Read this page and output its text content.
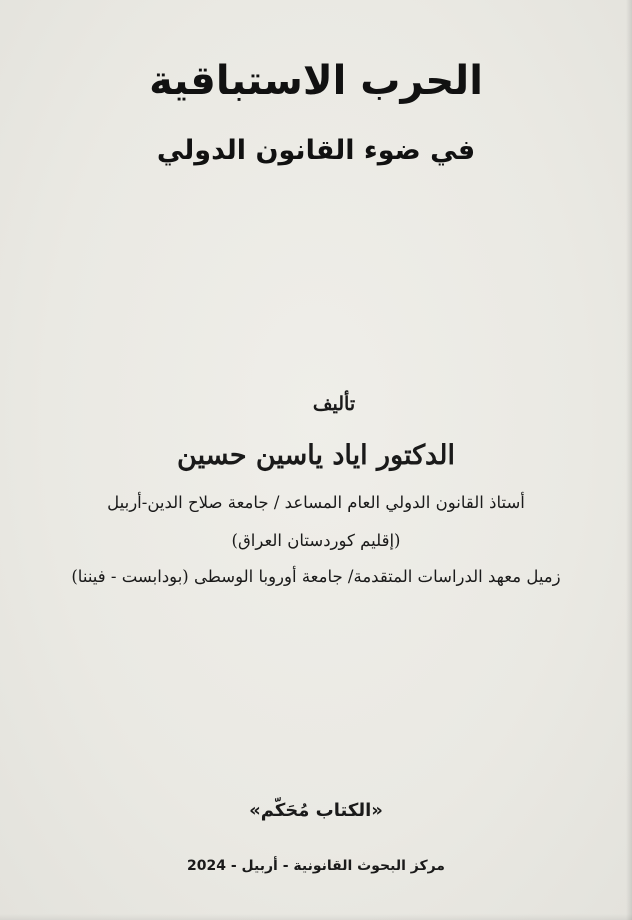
الحرب الاستباقية
في ضوء القانون الدولي
تأليف
الدكتور اياد ياسين حسين
أستاذ القانون الدولي العام المساعد / جامعة صلاح الدين-أربيل
(إقليم كوردستان العراق)
زميل معهد الدراسات المتقدمة/ جامعة أوروبا الوسطى (بودابست - فيننا)
«الكتاب مُحَكّم»
مركز البحوث القانونية - أربيل - 2024
